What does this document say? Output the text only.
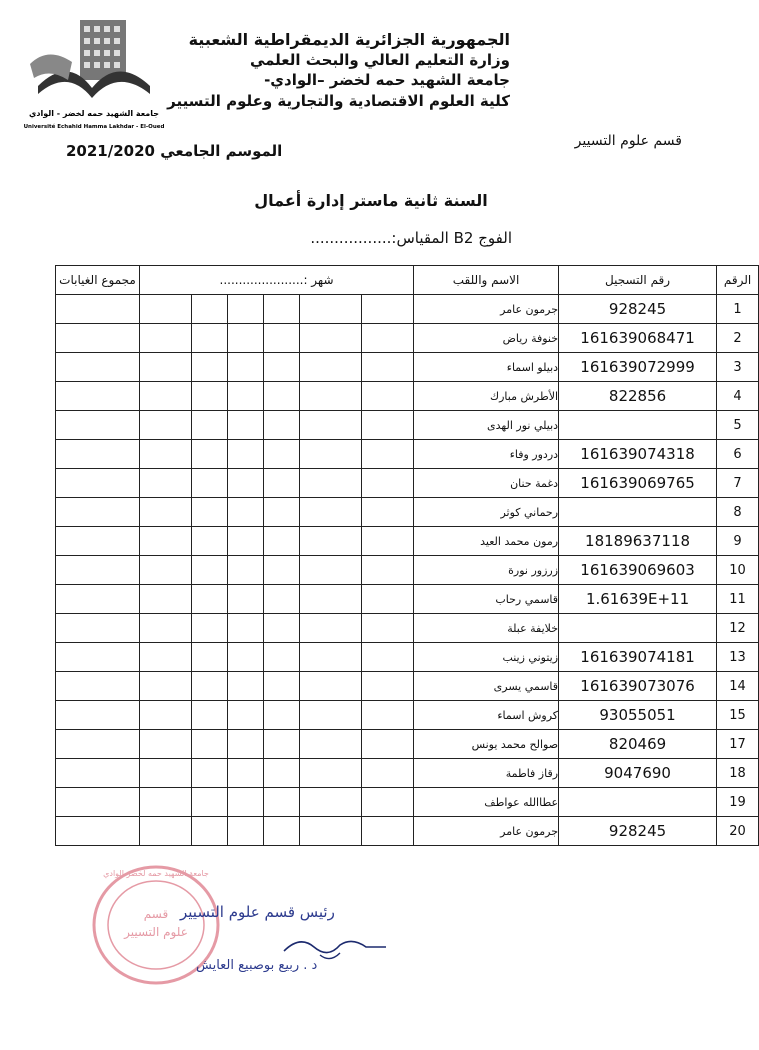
جامعة الشهيد حمه لخضر - الوادي
Université Echahid Hamma Lakhdar - El-Oued
الجمهورية الجزائرية الديمقراطية الشعبية
وزارة التعليم العالي والبحث العلمي
جامعة الشهيد حمه لخضر –الوادي-
كلية العلوم الاقتصادية والتجارية وعلوم التسيير
قسم علوم التسيير
الموسم الجامعي 2021/2020
السنة ثانية ماستر إدارة أعمال
الفوج B2 المقياس:.................
مجموع الغيابات	شهر :......................						الاسم واللقب	رقم التسجيل	الرقم
							جرمون عامر	928245	1
							خنوفة رياض	161639068471	2
							دبيلو اسماء	161639072999	3
							الأطرش مبارك	822856	4
							دبيلي نور الهدى		5
							دردور وفاء	161639074318	6
							دغمة حنان	161639069765	7
							رحماني كوثر		8
							رمون محمد العيد	18189637118	9
							زرزور نورة	161639069603	10
							قاسمي رحاب	1.61639E+11	11
							خلايفة عبلة		12
							زيتوني زينب	161639074181	13
							قاسمي يسرى	161639073076	14
							كروش اسماء	93055051	15
							صوالح محمد يونس	820469	17
							رقاز فاطمة	9047690	18
							عطاالله عواطف		19
							جرمون عامر	928245	20
جامعة الشهيد حمه لخضر الوادي
قسم
علوم التسيير
رئيس قسم علوم التسيير
د . ربيع بوصبيع العايش
